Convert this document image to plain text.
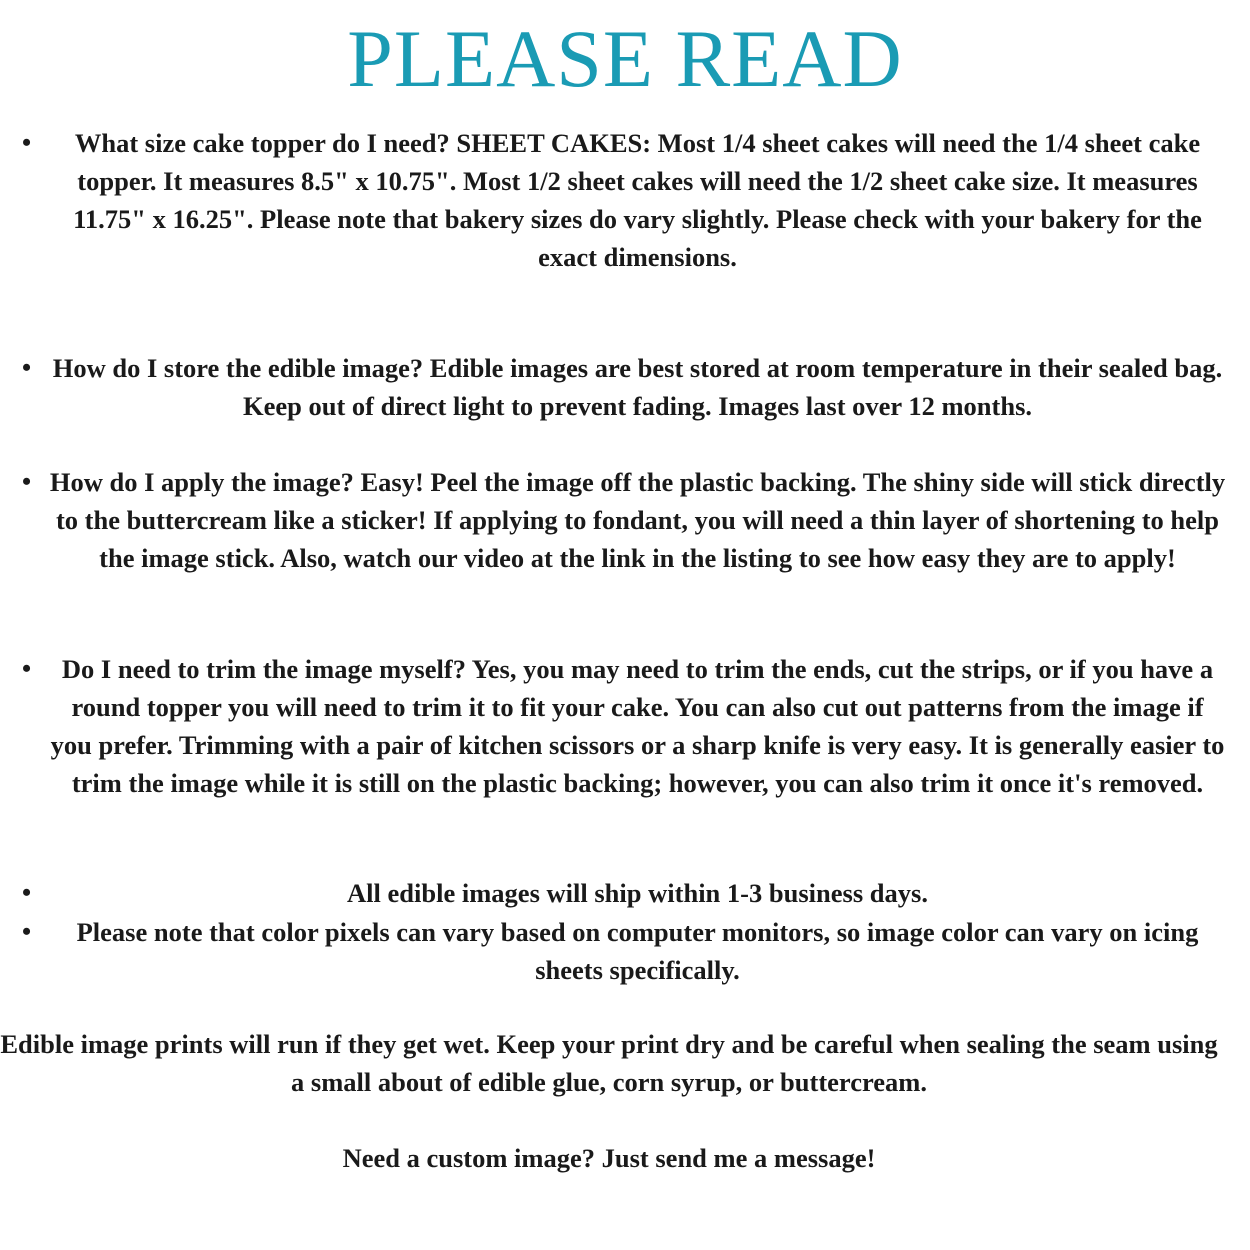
PLEASE READ
•	What size cake topper do I need? SHEET CAKES: Most 1/4 sheet cakes will need the 1/4 sheet cake topper. It measures 8.5" x 10.75". Most 1/2 sheet cakes will need the 1/2 sheet cake size. It measures 11.75" x 16.25". Please note that bakery sizes do vary slightly. Please check with your bakery for the exact dimensions.
• How do I store the edible image? Edible images are best stored at room temperature in their sealed bag. Keep out of direct light to prevent fading. Images last over 12 months.
• How do I apply the image? Easy! Peel the image off the plastic backing. The shiny side will stick directly to the buttercream like a sticker! If applying to fondant, you will need a thin layer of shortening to help the image stick. Also, watch our video at the link in the listing to see how easy they are to apply!
•	Do I need to trim the image myself? Yes, you may need to trim the ends, cut the strips, or if you have a round topper you will need to trim it to fit your cake. You can also cut out patterns from the image if you prefer. Trimming with a pair of kitchen scissors or a sharp knife is very easy. It is generally easier to trim the image while it is still on the plastic backing; however, you can also trim it once it's removed.
•	All edible images will ship within 1-3 business days.
•	Please note that color pixels can vary based on computer monitors, so image color can vary on icing sheets specifically.

Edible image prints will run if they get wet. Keep your print dry and be careful when sealing the seam using a small about of edible glue, corn syrup, or buttercream.

Need a custom image? Just send me a message!
